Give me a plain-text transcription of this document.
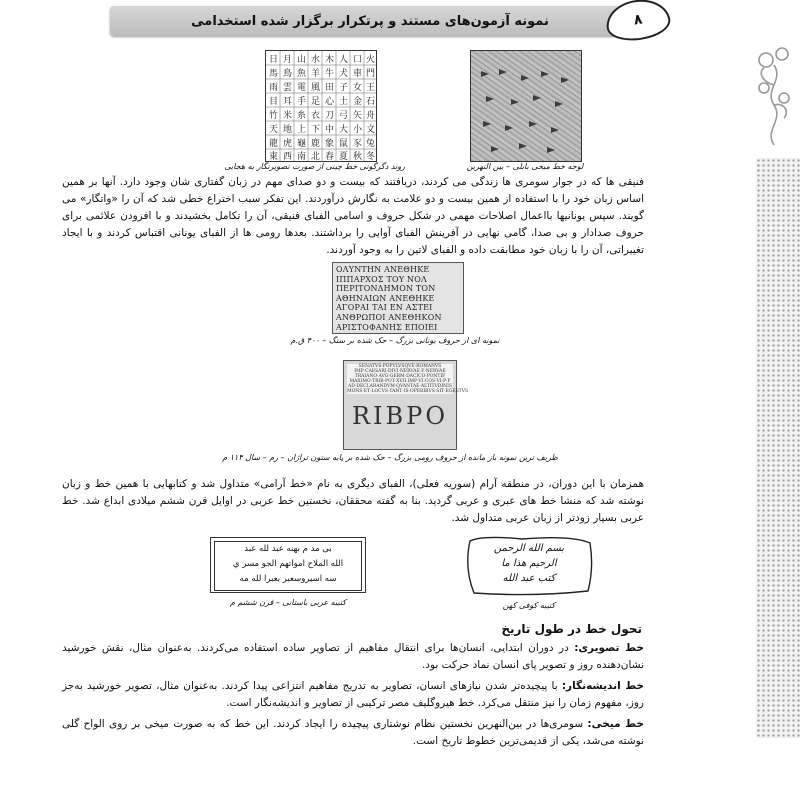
نمونه آزمون‌های مستند و پرتکرار برگزار شده استخدامی	۸
日 月 山 水 木 人 口 火
馬 鳥 魚 羊 牛 犬 車 門
雨 雲 電 風 田 子 女 王
目 耳 手 足 心 土 金 石
竹 米 糸 衣 刀 弓 矢 舟
天 地 上 下 中 大 小 文
龍 虎 龜 鹿 象 鼠 豕 兔
東 西 南 北 春 夏 秋 冬
روند دگرگونی خط چینی از صورت تصویرنگار به هجایی	لوحه خط میخی بابلی – بین النهرین
فنیقی ها که در جوار سومری ها زندگی می کردند، دریافتند که بیست و دو صدای مهم در زبان گفتاری شان وجود دارد. آنها بر همین اساس زبان خود را با استفاده از همین بیست و دو علامت به نگارش درآوردند. این تفکر سبب اختراع خطی شد که آن را «واتگار» می گویند. سپس یونانیها بااعمال اصلاحات مهمی در شکل حروف و اسامی الفبای فنیقی، آن را تکامل بخشیدند و با افزودن علائمی برای حروف صدادار و بی صدا، گامی نهایی در آفرینش الفبای آوایی را برداشتند. بعدها رومی ها از الفبای یونانی اقتباس کردند و با ایجاد تغییراتی، آن را با زبان خود مطابقت داده و الفبای لاتین را به وجود آوردند.
ΟΛΥΝΤΗΝ ΑΝΕΘΗΚΕ
ΙΠΠΑΡΧΟΣ ΤΟΥ ΝΟΛ
ΠΕΡΙΤΟΝΔΗΜΟΝ ΤΟΝ
ΑΘΗΝΑΙΩΝ ΑΝΕΘΗΚΕ
ΑΓΟΡΑΙ ΤΑΙ ΕΝ ΑΣΤΕΙ
ΑΝΘΡΩΠΟΙ ΑΝΕΘΗΚΟΝ
ΑΡΙΣΤΟΦΑΝΗΣ ΕΠΟΙΕΙ
نمونه ای از حروف یونانی بزرگ – حک شده بر سنگ – ۴۰۰ ق.م
SENATVS·POPVLVSQVE·ROMANVS
IMP·CAESARI·DIVI·NERVAE·F·NERVAE
TRAIANO·AVG·GERM·DACICO·PONTIF
MAXIMO·TRIB·POT·XVII·IMP·VI·COS·VI·P·P
AD·DECLARANDVM·QVANTAE·ALTITVDINIS
MONS·ET·LOCVS·TANT·IS·OPERIBVS·SIT·EGESTVS
RIBPO
ظریف ترین نمونه باز مانده از حروف رومی بزرگ – حک شده بر پایه ستون تراژان – رم – سال ۱۱۴ م
همزمان با این دوران، در منطقه آرام (سوریه فعلی)، الفبای دیگری به نام «خط آرامی» متداول شد و کتابهایی با همین خط و زبان نوشته شد که منشا خط های عبری و عربی گردید. بنا به گفته محققان، نخستین خط عربی در اوایل قرن ششم میلادی ابداع شد. خط عربی بسیار زودتر از زبان عربی متداول شد.
بی مد م بهنه عبد لله عبد
الله الملاح امواتهم الجو مسر ي
سه اسیروسعبر بعبرا لله مه
کتیبه عربی باستانی – قرن ششم م
بسم الله الرحمن
الرحيم هذا ما
كتب عبد الله
کتیبه کوفی کهن
تحول خط در طول تاریخ
خط تصویری: در دوران ابتدایی، انسان‌ها برای انتقال مفاهیم از تصاویر ساده استفاده می‌کردند. به‌عنوان مثال، نقش خورشید نشان‌دهنده روز و تصویر پای انسان نماد حرکت بود.
خط اندیشه‌نگار: با پیچیده‌تر شدن نیازهای انسان، تصاویر به تدریج مفاهیم انتزاعی پیدا کردند. به‌عنوان مثال، تصویر خورشید به‌جز روز، مفهوم زمان را نیز منتقل می‌کرد. خط هیروگلیف مصر ترکیبی از تصاویر و اندیشه‌نگار است.
خط میخی: سومری‌ها در بین‌النهرین نخستین نظام نوشتاری پیچیده را ایجاد کردند. این خط که به صورت میخی بر روی الواح گلی نوشته می‌شد، یکی از قدیمی‌ترین خطوط تاریخ است.
